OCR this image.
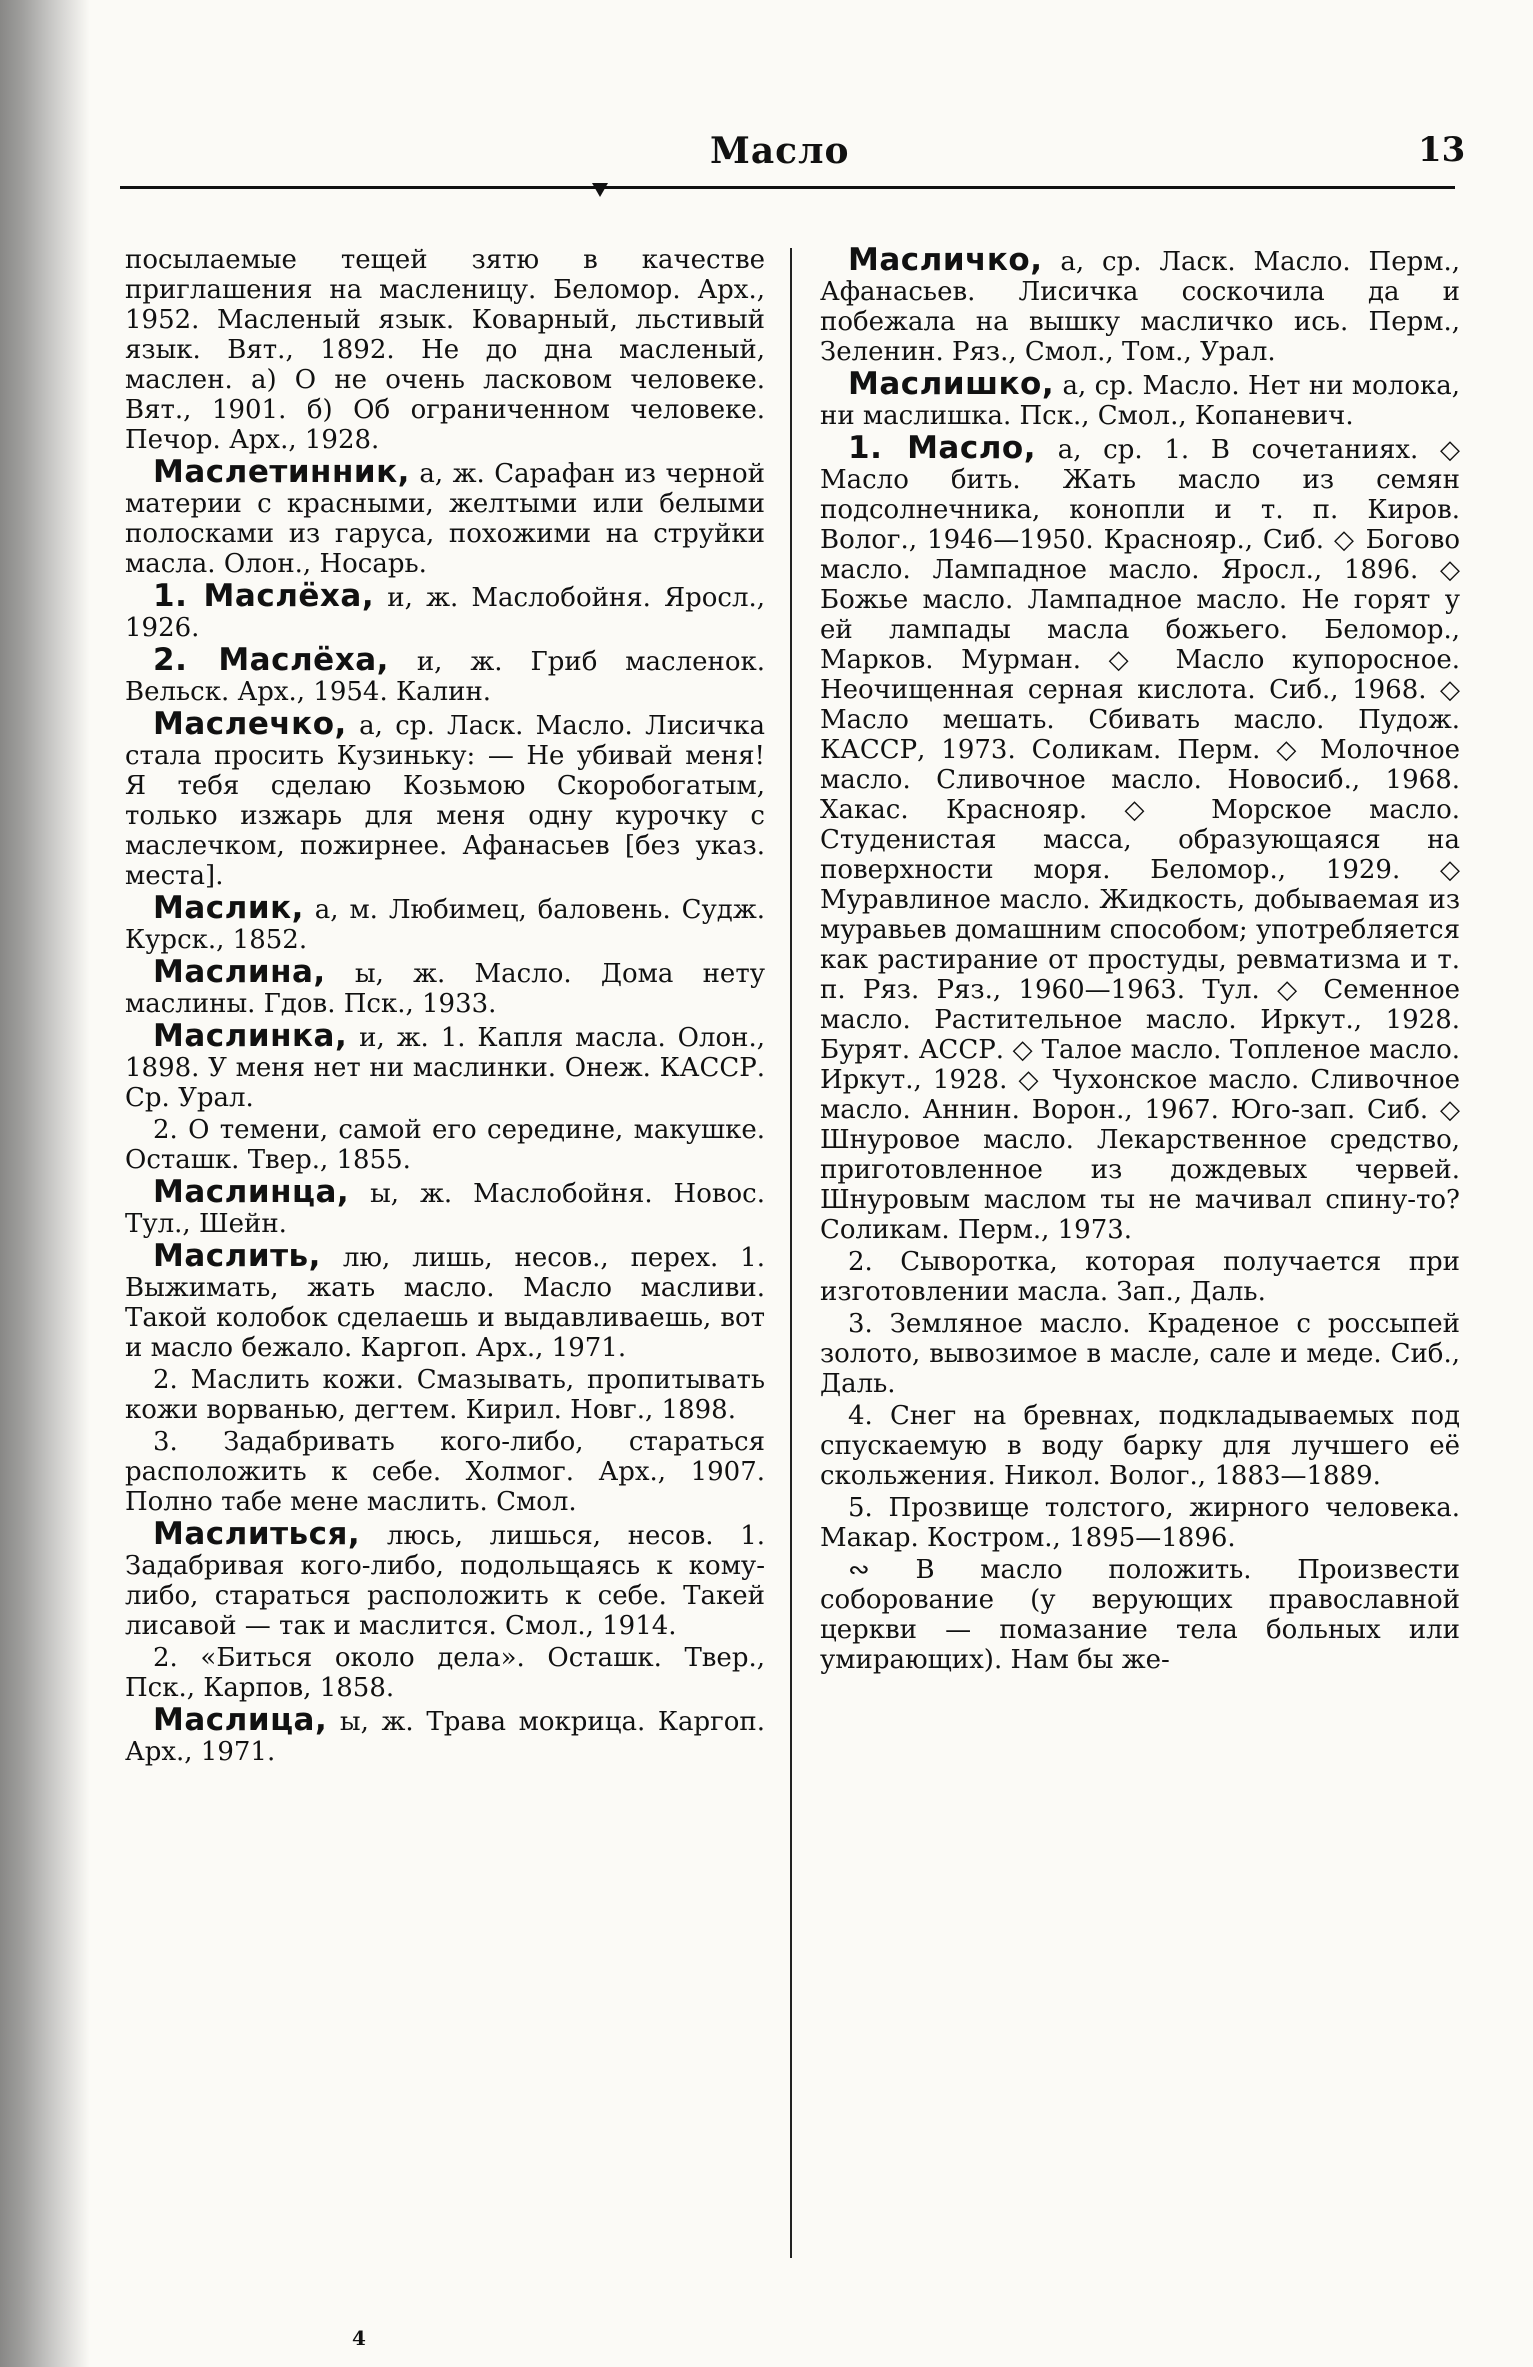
Масло	13

посылаемые тещей зятю в качестве приглашения на масленицу. Беломор. Арх., 1952. Масленый язык. Коварный, льстивый язык. Вят., 1892. Не до дна масленый, маслен. а) О не очень ласковом человеке. Вят., 1901. б) Об ограниченном человеке. Печор. Арх., 1928.

Маслетинник, а, ж. Сарафан из черной материи с красными, желтыми или белыми полосками из гаруса, похожими на струйки масла. Олон., Носарь.

1. Маслёха, и, ж. Маслобойня. Яросл., 1926.

2. Маслёха, и, ж. Гриб масленок. Вельск. Арх., 1954. Калин.

Маслечко, а, ср. Ласк. Масло. Лисичка стала просить Кузиньку: — Не убивай меня! Я тебя сделаю Козьмою Скоробогатым, только изжарь для меня одну курочку с маслечком, пожирнее. Афанасьев [без указ. места].

Маслик, а, м. Любимец, баловень. Судж. Курск., 1852.

Маслина, ы, ж. Масло. Дома нету маслины. Гдов. Пск., 1933.

Маслинка, и, ж. 1. Капля масла. Олон., 1898. У меня нет ни маслинки. Онеж. КАССР. Ср. Урал.

2. О темени, самой его середине, макушке. Осташк. Твер., 1855.

Маслинца, ы, ж. Маслобойня. Новос. Тул., Шейн.

Маслить, лю, лишь, несов., перех. 1. Выжимать, жать масло. Масло масливи. Такой колобок сделаешь и выдавливаешь, вот и масло бежало. Каргоп. Арх., 1971.

2. Маслить кожи. Смазывать, пропитывать кожи ворванью, дегтем. Кирил. Новг., 1898.

3. Задабривать кого-либо, стараться расположить к себе. Холмог. Арх., 1907. Полно табе мене маслить. Смол.

Маслиться, люсь, лишься, несов. 1. Задабривая кого-либо, подольщаясь к кому-либо, стараться расположить к себе. Такей лисавой — так и маслится. Смол., 1914.

2. «Биться около дела». Осташк. Твер., Пск., Карпов, 1858.

Маслица, ы, ж. Трава мокрица. Каргоп. Арх., 1971.

Масличко, а, ср. Ласк. Масло. Перм., Афанасьев. Лисичка соскочила да и побежала на вышку масличко ись. Перм., Зеленин. Ряз., Смол., Том., Урал.

Маслишко, а, ср. Масло. Нет ни молока, ни маслишка. Пск., Смол., Копаневич.

1. Масло, а, ср. 1. В сочетаниях. ◇ Масло бить. Жать масло из семян подсолнечника, конопли и т. п. Киров. Волог., 1946—1950. Краснояр., Сиб. ◇ Богово масло. Лампадное масло. Яросл., 1896. ◇ Божье масло. Лампадное масло. Не горят у ей лампады масла божьего. Беломор., Марков. Мурман. ◇ Масло купоросное. Неочищенная серная кислота. Сиб., 1968. ◇ Масло мешать. Сбивать масло. Пудож. КАССР, 1973. Соликам. Перм. ◇ Молочное масло. Сливочное масло. Новосиб., 1968. Хакас. Краснояр. ◇ Морское масло. Студенистая масса, образующаяся на поверхности моря. Беломор., 1929. ◇ Муравлиное масло. Жидкость, добываемая из муравьев домашним способом; употребляется как растирание от простуды, ревматизма и т. п. Ряз. Ряз., 1960—1963. Тул. ◇ Семенное масло. Растительное масло. Иркут., 1928. Бурят. АССР. ◇ Талое масло. Топленое масло. Иркут., 1928. ◇ Чухонское масло. Сливочное масло. Аннин. Ворон., 1967. Юго-зап. Сиб. ◇ Шнуровое масло. Лекарственное средство, приготовленное из дождевых червей. Шнуровым маслом ты не мачивал спину-то? Соликам. Перм., 1973.

2. Сыворотка, которая получается при изготовлении масла. Зап., Даль.

3. Земляное масло. Краденое с россыпей золото, вывозимое в масле, сале и меде. Сиб., Даль.

4. Снег на бревнах, подкладываемых под спускаемую в воду барку для лучшего её скольжения. Никол. Волог., 1883—1889.

5. Прозвище толстого, жирного человека. Макар. Костром., 1895—1896.

∾ В масло положить. Произвести соборование (у верующих православной церкви — помазание тела больных или умирающих). Нам бы же-

4
